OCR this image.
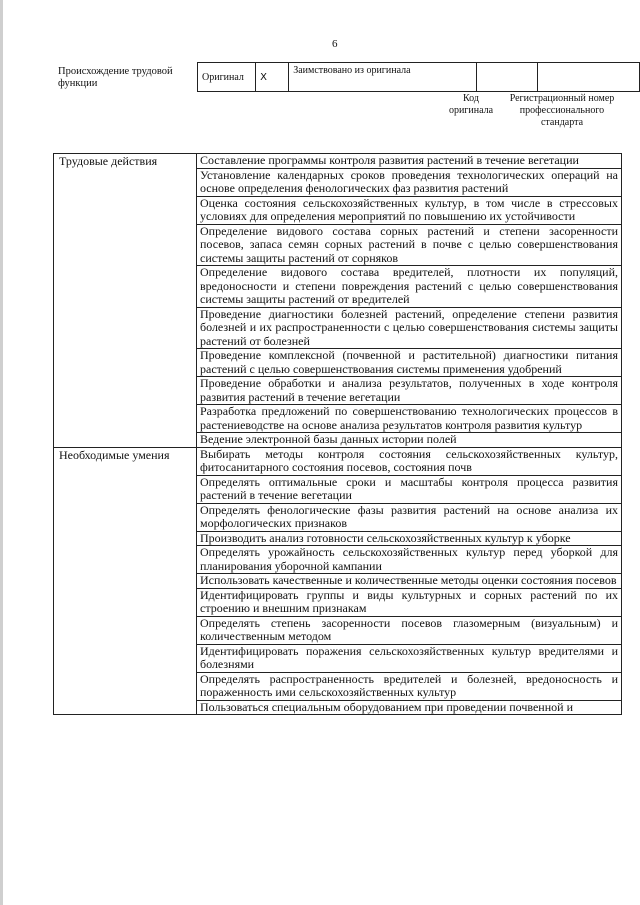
6
Происхождение трудовой функции
Оригинал	X	Заимствовано из оригинала		
Код оригинала
Регистрационный номер профессионального стандарта
Трудовые действия	Составление программы контроля развития растений в течение вегетации
	Установление календарных сроков проведения технологических операций на основе определения фенологических фаз развития растений
	Оценка состояния сельскохозяйственных культур, в том числе в стрессовых условиях для определения мероприятий по повышению их устойчивости
	Определение видового состава сорных растений и степени засоренности посевов, запаса семян сорных растений в почве с целью совершенствования системы защиты растений от сорняков
	Определение видового состава вредителей, плотности их популяций, вредоносности и степени повреждения растений с целью совершенствования системы защиты растений от вредителей
	Проведение диагностики болезней растений, определение степени развития болезней и их распространенности с целью совершенствования системы защиты растений от болезней
	Проведение комплексной (почвенной и растительной) диагностики питания растений с целью совершенствования системы применения удобрений
	Проведение обработки и анализа результатов, полученных в ходе контроля развития растений в течение вегетации
	Разработка предложений по совершенствованию технологических процессов в растениеводстве на основе анализа результатов контроля развития культур
	Ведение электронной базы данных истории полей
Необходимые умения	Выбирать методы контроля состояния сельскохозяйственных культур, фитосанитарного состояния посевов, состояния почв
	Определять оптимальные сроки и масштабы контроля процесса развития растений в течение вегетации
	Определять фенологические фазы развития растений на основе анализа их морфологических признаков
	Производить анализ готовности сельскохозяйственных культур к уборке
	Определять урожайность сельскохозяйственных культур перед уборкой для планирования уборочной кампании
	Использовать качественные и количественные методы оценки состояния посевов
	Идентифицировать группы и виды культурных и сорных растений по их строению и внешним признакам
	Определять степень засоренности посевов глазомерным (визуальным) и количественным методом
	Идентифицировать поражения сельскохозяйственных культур вредителями и болезнями
	Определять распространенность вредителей и болезней, вредоносность и пораженность ими сельскохозяйственных культур
	Пользоваться специальным оборудованием при проведении почвенной и
